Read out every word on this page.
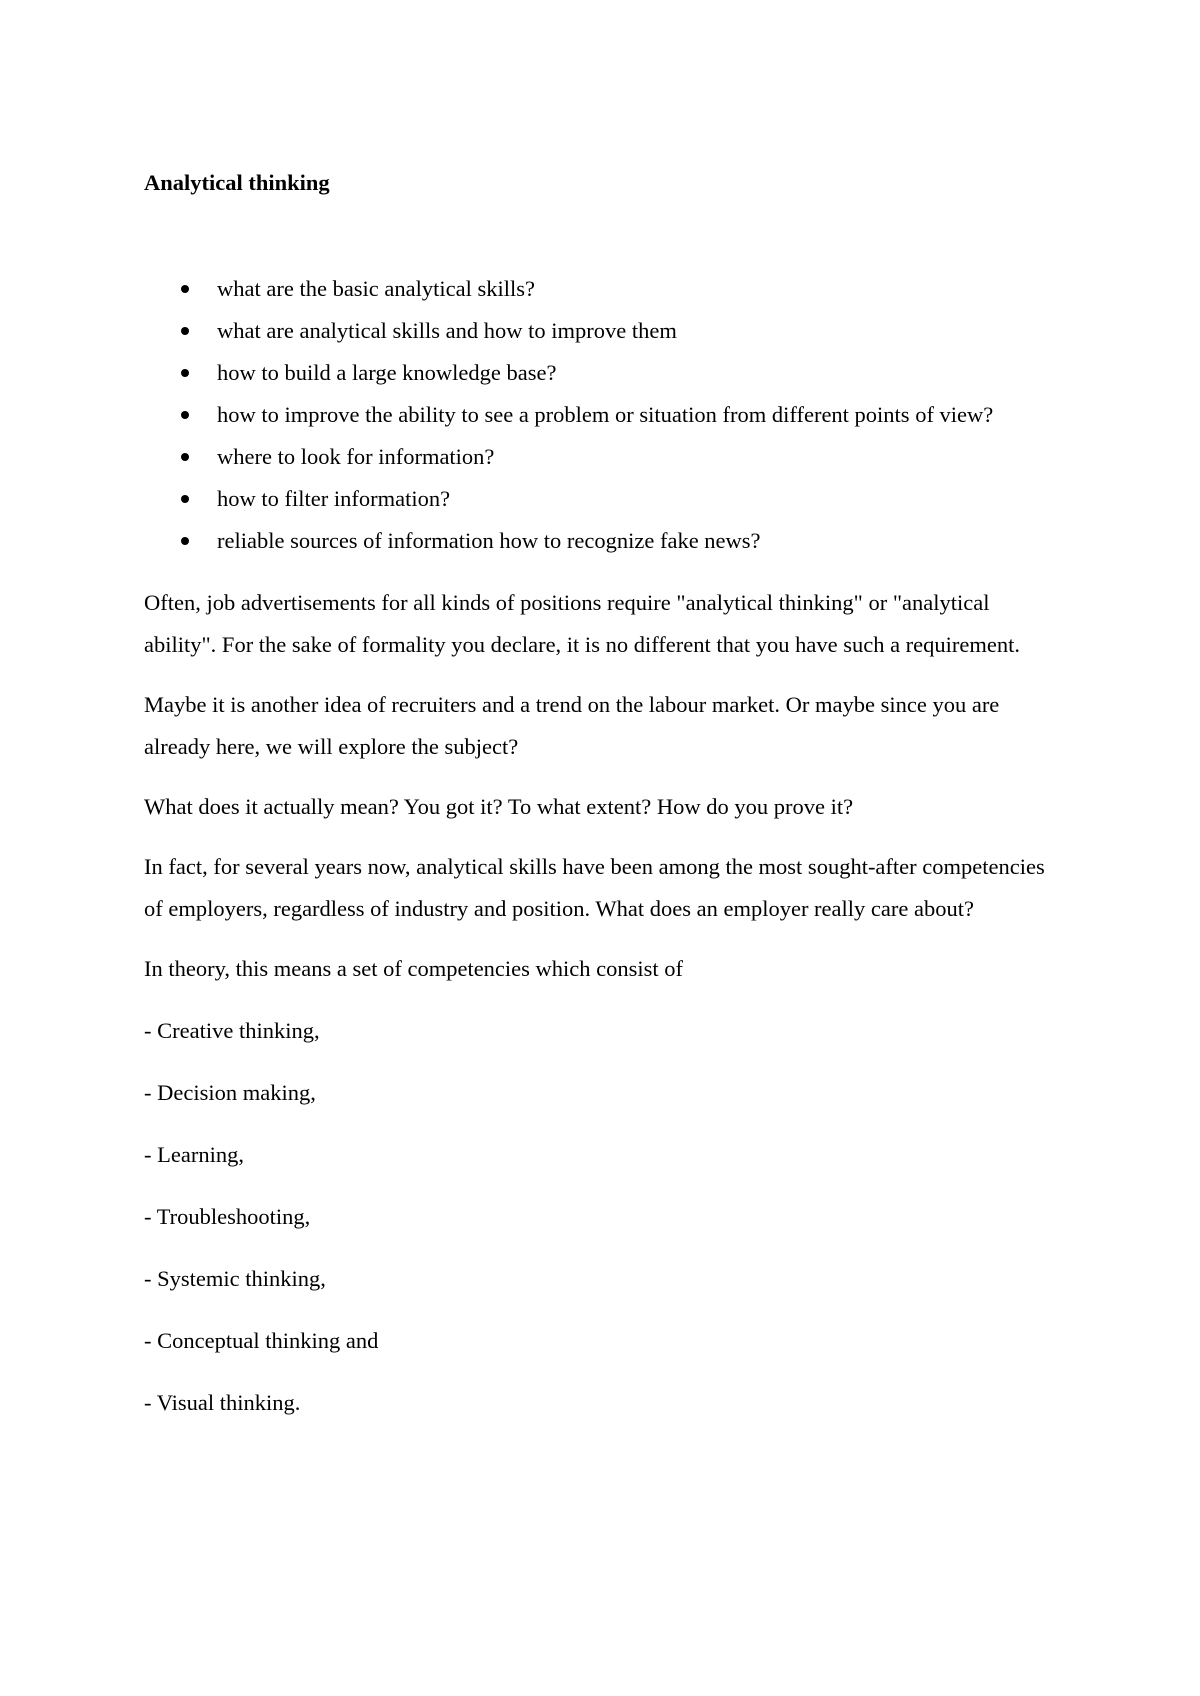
Analytical thinking
what are the basic analytical skills?
what are analytical skills and how to improve them
how to build a large knowledge base?
how to improve the ability to see a problem or situation from different points of view?
where to look for information?
how to filter information?
reliable sources of information how to recognize fake news?

Often, job advertisements for all kinds of positions require "analytical thinking" or "analytical ability". For the sake of formality you declare, it is no different that you have such a requirement.

Maybe it is another idea of recruiters and a trend on the labour market. Or maybe since you are already here, we will explore the subject?

What does it actually mean? You got it? To what extent? How do you prove it?

In fact, for several years now, analytical skills have been among the most sought-after competencies of employers, regardless of industry and position. What does an employer really care about?

In theory, this means a set of competencies which consist of

- Creative thinking,

- Decision making,

- Learning,

- Troubleshooting,

- Systemic thinking,

- Conceptual thinking and

- Visual thinking.
